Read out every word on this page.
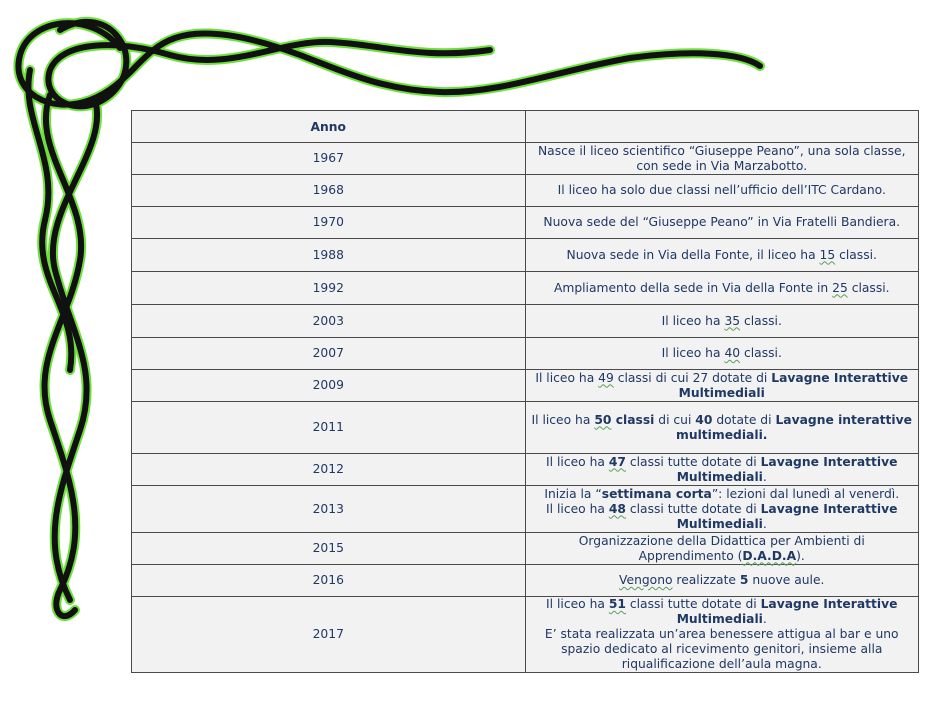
Anno	
1967	Nasce il liceo scientifico “Giuseppe Peano”, una sola classe, con sede in Via Marzabotto.
1968	Il liceo ha solo due classi nell’ufficio dell’ITC Cardano.
1970	Nuova sede del “Giuseppe Peano” in Via Fratelli Bandiera.
1988	Nuova sede in Via della Fonte, il liceo ha 15 classi.
1992	Ampliamento della sede in Via della Fonte in 25 classi.
2003	Il liceo ha 35 classi.
2007	Il liceo ha 40 classi.
2009	Il liceo ha 49 classi di cui 27 dotate di Lavagne Interattive Multimediali
2011	Il liceo ha 50 classi di cui 40 dotate di Lavagne interattive multimediali.
2012	Il liceo ha 47 classi tutte dotate di Lavagne Interattive Multimediali.
2013	Inizia la “settimana corta”: lezioni dal lunedì al venerdì.
Il liceo ha 48 classi tutte dotate di Lavagne Interattive Multimediali.
2015	Organizzazione della Didattica per Ambienti di Apprendimento (D.A.D.A).
2016	Vengono realizzate 5 nuove aule.
2017	Il liceo ha 51 classi tutte dotate di Lavagne Interattive Multimediali.
E’ stata realizzata un’area benessere attigua al bar e uno spazio dedicato al ricevimento genitori, insieme alla riqualificazione dell’aula magna.
